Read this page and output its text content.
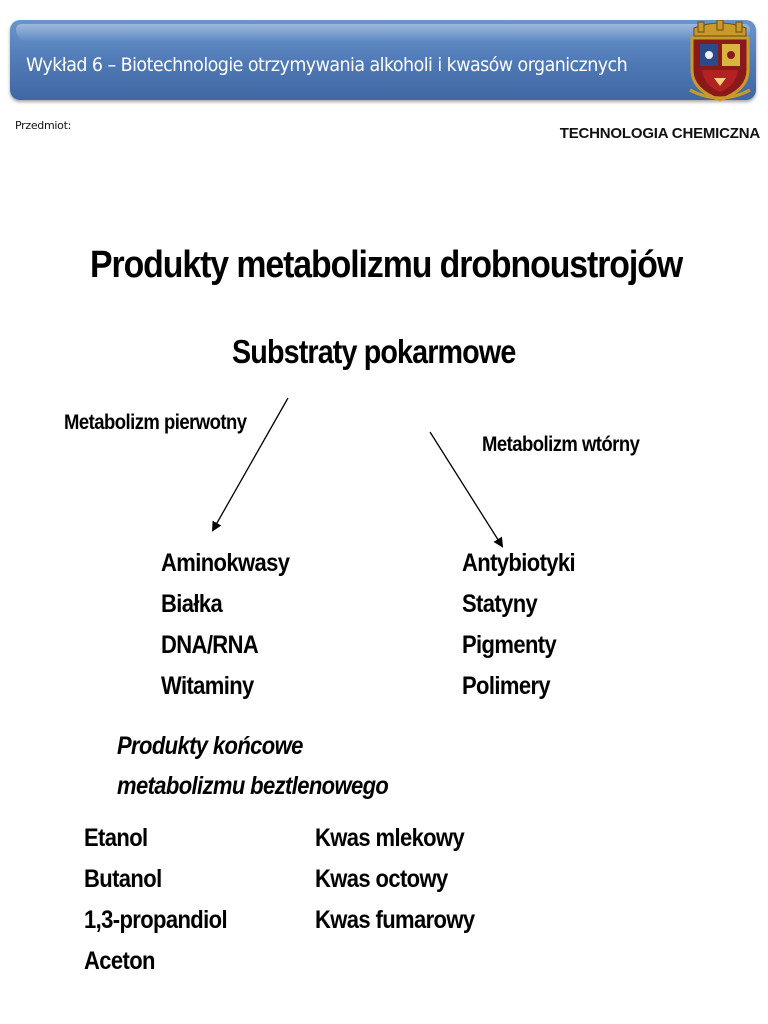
Wykład 6 – Biotechnologie otrzymywania alkoholi i kwasów organicznych
Przedmiot:	TECHNOLOGIA CHEMICZNA
Produkty metabolizmu drobnoustrojów
Substraty pokarmowe
Metabolizm pierwotny
Metabolizm wtórny
Aminokwasy
Białka
DNA/RNA
Witaminy
Antybiotyki
Statyny
Pigmenty
Polimery
Produkty końcowe
metabolizmu beztlenowego
Etanol
Butanol
1,3-propandiol
Aceton
Kwas mlekowy
Kwas octowy
Kwas fumarowy
